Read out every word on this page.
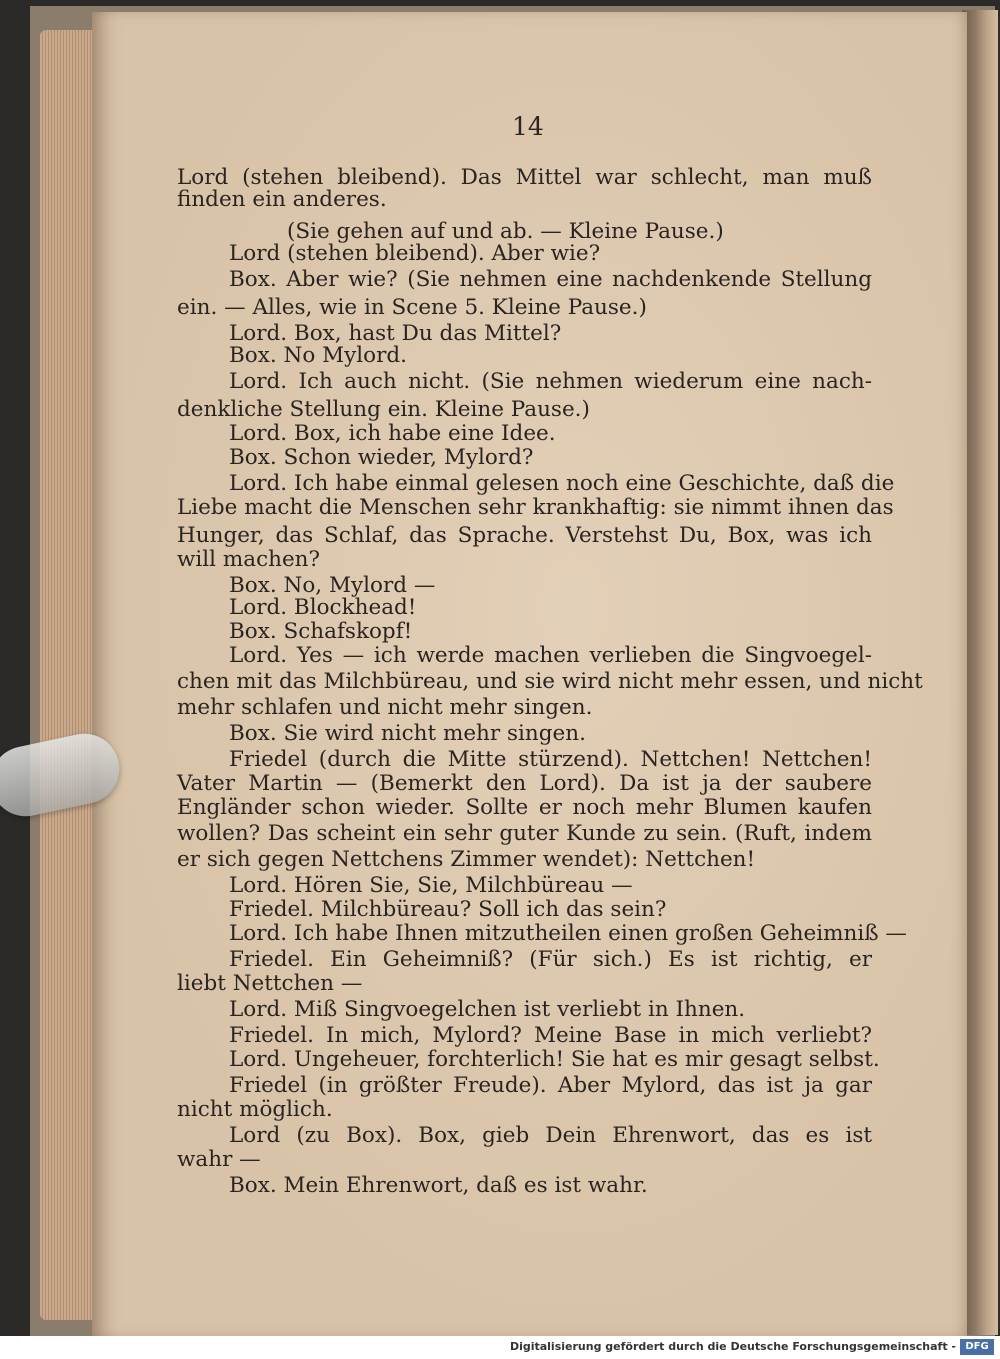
14
Lord (stehen bleibend). Das Mittel war schlecht, man muß
finden ein anderes.
(Sie gehen auf und ab. — Kleine Pause.)
Lord (stehen bleibend). Aber wie?
Box. Aber wie? (Sie nehmen eine nachdenkende Stellung
ein. — Alles, wie in Scene 5. Kleine Pause.)
Lord. Box, hast Du das Mittel?
Box. No Mylord.
Lord. Ich auch nicht. (Sie nehmen wiederum eine nach-
denkliche Stellung ein. Kleine Pause.)
Lord. Box, ich habe eine Idee.
Box. Schon wieder, Mylord?
Lord. Ich habe einmal gelesen noch eine Geschichte, daß die
Liebe macht die Menschen sehr krankhaftig: sie nimmt ihnen das
Hunger, das Schlaf, das Sprache. Verstehst Du, Box, was ich
will machen?
Box. No, Mylord —
Lord. Blockhead!
Box. Schafskopf!
Lord. Yes — ich werde machen verlieben die Singvoegel-
chen mit das Milchbüreau, und sie wird nicht mehr essen, und nicht
mehr schlafen und nicht mehr singen.
Box. Sie wird nicht mehr singen.
Friedel (durch die Mitte stürzend). Nettchen! Nettchen!
Vater Martin — (Bemerkt den Lord). Da ist ja der saubere
Engländer schon wieder. Sollte er noch mehr Blumen kaufen
wollen? Das scheint ein sehr guter Kunde zu sein. (Ruft, indem
er sich gegen Nettchens Zimmer wendet): Nettchen!
Lord. Hören Sie, Sie, Milchbüreau —
Friedel. Milchbüreau? Soll ich das sein?
Lord. Ich habe Ihnen mitzutheilen einen großen Geheimniß —
Friedel. Ein Geheimniß? (Für sich.) Es ist richtig, er
liebt Nettchen —
Lord. Miß Singvoegelchen ist verliebt in Ihnen.
Friedel. In mich, Mylord? Meine Base in mich verliebt?
Lord. Ungeheuer, forchterlich! Sie hat es mir gesagt selbst.
Friedel (in größter Freude). Aber Mylord, das ist ja gar
nicht möglich.
Lord (zu Box). Box, gieb Dein Ehrenwort, das es ist
wahr —
Box. Mein Ehrenwort, daß es ist wahr.
Digitalisierung gefördert durch die Deutsche Forschungsgemeinschaft - DFG
